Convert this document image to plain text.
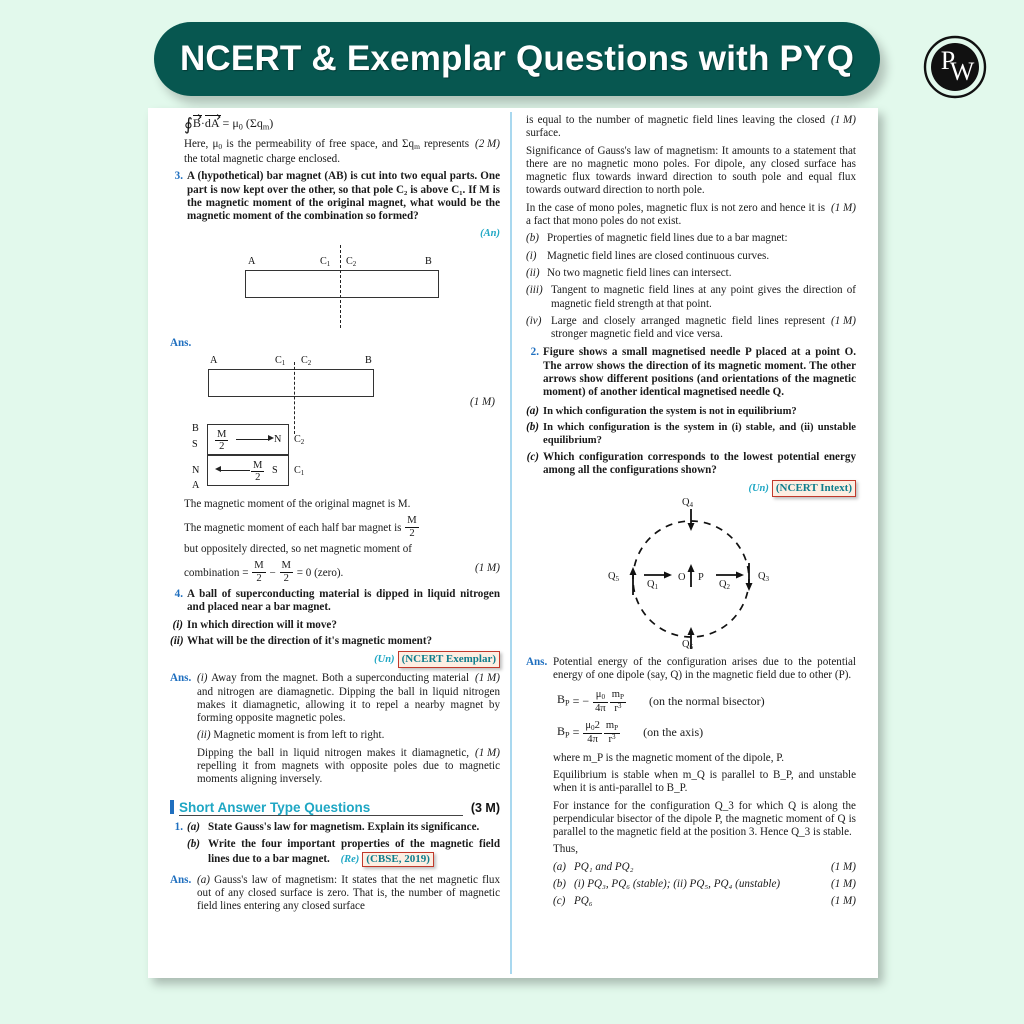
NCERT & Exemplar Questions with PYQ	P
W
∮B·dA = $\mu_0$ $(\Sigma q_m)$
Here, $\mu_0$ is the permeability of free space, and $\Sigma q_m$	(2 M)
represents the total magnetic charge enclosed.
3. A (hypothetical) bar magnet (AB) is cut into two equal parts. One part is now kept over the other, so that pole C₂ is above C₁. If M is the magnetic moment of the original magnet, what would be the magnetic moment of the combination so formed?
(An)
A	$C_1$ $C_2$	B
Ans.
A	$C_1$ $C_2$	B
(1 M)
B
S $\frac{M}{2}$	N $C_2$
N	$\frac{M}{2}$ S $C_1$
A
The magnetic moment of the original magnet is M.
The magnetic moment of each half bar magnet is $\frac{M}{2}$
but oppositely directed, so net magnetic moment of
(1 M)
combination = $\frac{M}{2} - \frac{M}{2} = 0$ (zero).
4. A ball of superconducting material is dipped in liquid nitrogen and placed near a bar magnet.
(i) In which direction will it move?
(ii) What will be the direction of it's magnetic moment?
(Un) (NCERT Exemplar)
Ans. (i)	(1 M)
Away from the magnet. Both a superconducting material and nitrogen are diamagnetic. Dipping the ball in liquid nitrogen makes it diamagnetic, allowing it to repel a nearby magnet by forming opposite magnetic poles.
(ii) Magnetic moment is from left to right.
(1 M)
Dipping the ball in liquid nitrogen makes it diamagnetic, repelling it from magnets with opposite poles due to magnetic moments aligning inversely.
Short Answer Type Questions	(3 M)
1. (a) State Gauss's law for magnetism. Explain its significance.
(b) Write the four important properties of the magnetic field lines due to a bar magnet. (Re) (CBSE, 2019)
Ans. (a) Gauss's law of magnetism: It states that the net magnetic flux out of any closed surface is zero. That is, the number of magnetic field lines entering any closed surface
(1 M)
is equal to the number of magnetic field lines leaving the closed surface.
Significance of Gauss's law of magnetism: It amounts to a statement that there are no magnetic mono poles. For dipole, any closed surface has magnetic flux towards inward direction to south pole and equal flux towards outward direction to north pole.
(1 M)
In the case of mono poles, magnetic flux is not zero and hence it is a fact that mono poles do not exist.
(b) Properties of magnetic field lines due to a bar magnet:
(i) Magnetic field lines are closed continuous curves.
(ii) No two magnetic field lines can intersect.
(iii) Tangent to magnetic field lines at any point gives the direction of magnetic field strength at that point.
(iv)	(1 M)
Large and closely arranged magnetic field lines represent stronger magnetic field and vice versa.
2. Figure shows a small magnetised needle P placed at a point O. The arrow shows the direction of its magnetic moment. The other arrows show different positions (and orientations of the magnetic moment) of another identical magnetised needle Q.
(a) In which configuration the system is not in equilibrium?
(b) In which configuration is the system in (i) stable, and (ii) unstable equilibrium?
(c) Which configuration corresponds to the lowest potential energy among all the configurations shown?
(Un) (NCERT Intext)
$Q_4$
$Q_6$
$Q_5$	$Q_3$
$Q_1$	$Q_2$
O P
Ans. Potential energy of the configuration arises due to the potential energy of one dipole (say, Q) in the magnetic field due to other (P).
$B_P$ = − $\frac{\mu_0}{4\pi} \frac{m_P}{r^3} (on$ the normal bisector)
$B_P = \frac{\mu_02}{4\pi} \frac{m_P}{r^3} (on$ the axis)
where m_P is the magnetic moment of the dipole, P.
Equilibrium is stable when m_Q is parallel to B_P, and unstable when it is anti-parallel to B_P.
For instance for the configuration Q_3 for which Q is along the perpendicular bisector of the dipole P, the magnetic moment of Q is parallel to the magnetic field at the position 3. Hence Q_3 is stable.
Thus,
(a) PQ₁ and PQ₂	(1 M)
(b) (i) PQ₃, PQ₆ (stable); (ii) PQ₅, PQ₄ (unstable)	(1 M)
(c) PQ₆	(1 M)
